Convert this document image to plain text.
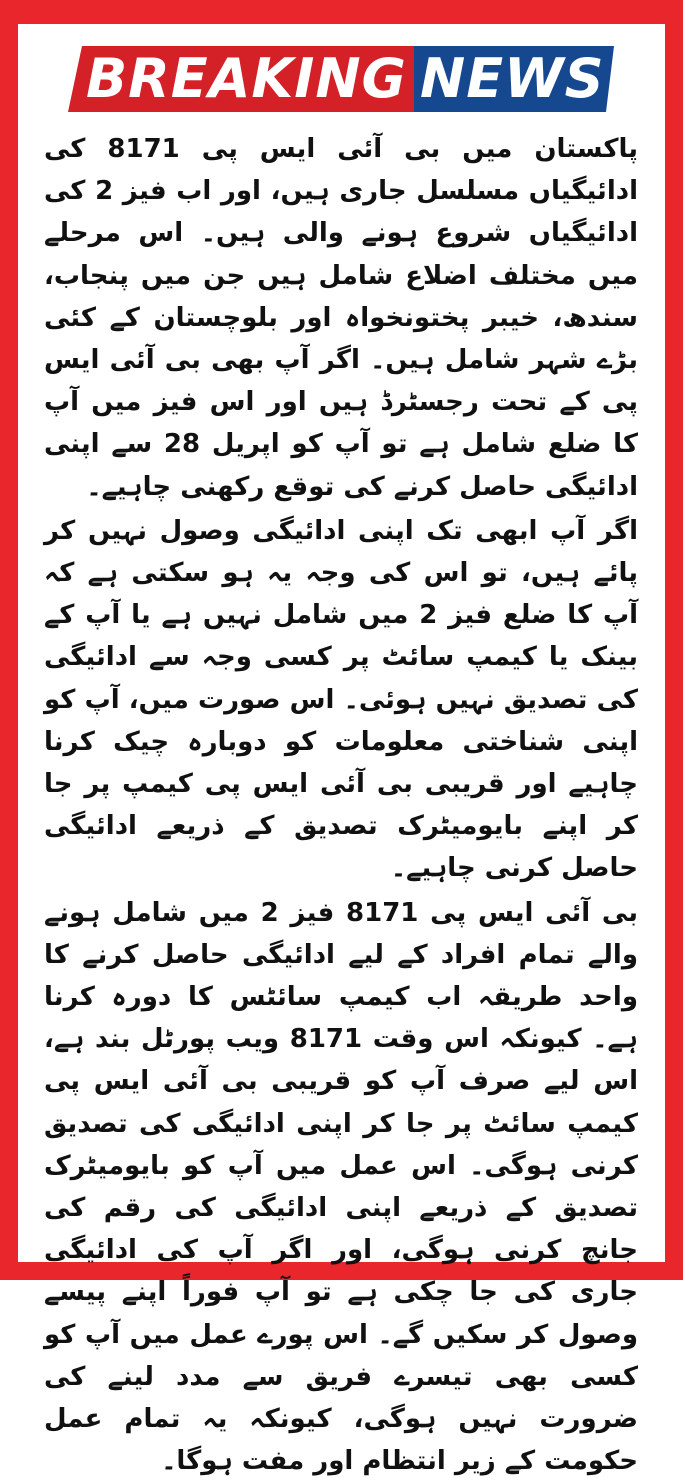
BREAKING NEWS

پاکستان میں بی آئی ایس پی 8171 کی ادائیگیاں مسلسل جاری ہیں، اور اب فیز 2 کی ادائیگیاں شروع ہونے والی ہیں۔ اس مرحلے میں مختلف اضلاع شامل ہیں جن میں پنجاب، سندھ، خیبر پختونخواہ اور بلوچستان کے کئی بڑے شہر شامل ہیں۔ اگر آپ بھی بی آئی ایس پی کے تحت رجسٹرڈ ہیں اور اس فیز میں آپ کا ضلع شامل ہے تو آپ کو اپریل 28 سے اپنی ادائیگی حاصل کرنے کی توقع رکھنی چاہیے۔

اگر آپ ابھی تک اپنی ادائیگی وصول نہیں کر پائے ہیں، تو اس کی وجہ یہ ہو سکتی ہے کہ آپ کا ضلع فیز 2 میں شامل نہیں ہے یا آپ کے بینک یا کیمپ سائٹ پر کسی وجہ سے ادائیگی کی تصدیق نہیں ہوئی۔ اس صورت میں، آپ کو اپنی شناختی معلومات کو دوبارہ چیک کرنا چاہیے اور قریبی بی آئی ایس پی کیمپ پر جا کر اپنے بایومیٹرک تصدیق کے ذریعے ادائیگی حاصل کرنی چاہیے۔

بی آئی ایس پی 8171 فیز 2 میں شامل ہونے والے تمام افراد کے لیے ادائیگی حاصل کرنے کا واحد طریقہ اب کیمپ سائٹس کا دورہ کرنا ہے۔ کیونکہ اس وقت 8171 ویب پورٹل بند ہے، اس لیے صرف آپ کو قریبی بی آئی ایس پی کیمپ سائٹ پر جا کر اپنی ادائیگی کی تصدیق کرنی ہوگی۔ اس عمل میں آپ کو بایومیٹرک تصدیق کے ذریعے اپنی ادائیگی کی رقم کی جانچ کرنی ہوگی، اور اگر آپ کی ادائیگی جاری کی جا چکی ہے تو آپ فوراً اپنے پیسے وصول کر سکیں گے۔ اس پورے عمل میں آپ کو کسی بھی تیسرے فریق سے مدد لینے کی ضرورت نہیں ہوگی، کیونکہ یہ تمام عمل حکومت کے زیر انتظام اور مفت ہوگا۔
